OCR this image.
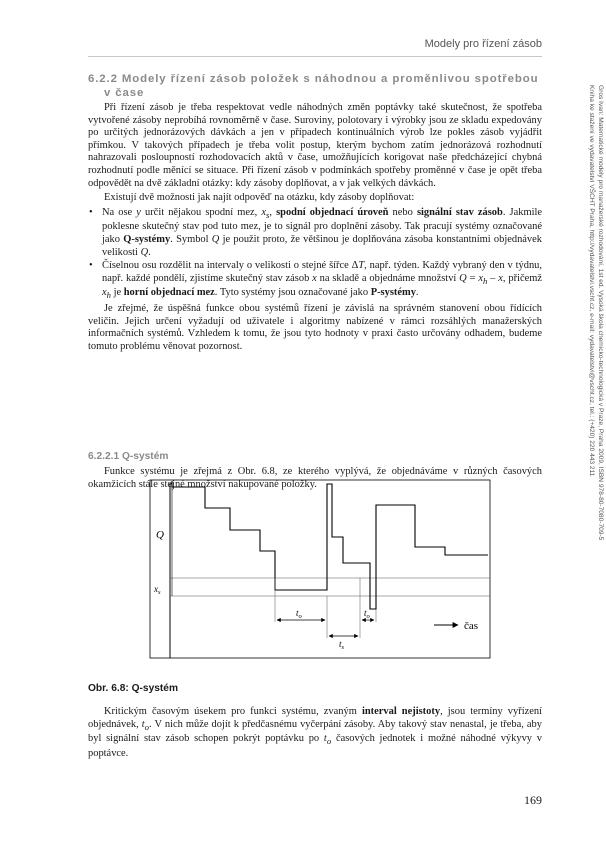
Modely pro řízení zásob
6.2.2 Modely řízení zásob položek s náhodnou a proměnlivou spotřebou
v čase

Při řízení zásob je třeba respektovat vedle náhodných změn poptávky také skutečnost, že spotřeba vytvořené zásoby neprobíhá rovnoměrně v čase. Suroviny, polotovary i výrobky jsou ze skladu expedovány po určitých jednorázových dávkách a jen v případech kontinuálních výrob lze pokles zásob vyjádřit přímkou. V takových případech je třeba volit postup, kterým bychom zatím jednorázová rozhodnutí nahrazovali posloupností rozhodovacích aktů v čase, umožňujících korigovat naše předcházející chybná rozhodnutí podle měnící se situace. Při řízení zásob v podmínkách spotřeby proměnné v čase je opět třeba odpovědět na dvě základní otázky: kdy zásoby doplňovat, a v jak velkých dávkách.

Existují dvě možnosti jak najít odpověď na otázku, kdy zásoby doplňovat:

• Na ose y určit nějakou spodní mez, $x_s$, spodní objednací úroveň nebo signální stav zásob. Jakmile poklesne skutečný stav pod tuto mez, je to signál pro doplnění zásoby. Tak pracují systémy označované jako Q-systémy. Symbol Q je použit proto, že většinou je doplňována zásoba konstantními objednávek velikosti Q.
• Číselnou osu rozdělit na intervaly o velikosti o stejné šířce ΔT, např. týden. Každý vybraný den v týdnu, např. každé pondělí, zjistíme skutečný stav zásob x na skladě a objednáme množství $Q = x_h - x$, přičemž $x_h$ je horní objednací mez. Tyto systémy jsou označované jako P-systémy.

Je zřejmé, že úspěšná funkce obou systémů řízení je závislá na správném stanovení obou řídících veličin. Jejich určení vyžadují od uživatele i algoritmy nabízené v rámci rozsáhlých manažerských informačních systémů. Vzhledem k tomu, že jsou tyto hodnoty v praxi často určovány odhadem, budeme tomuto problému věnovat pozornost.

6.2.2.1 Q-systém

Funkce systému je zřejmá z Obr. 6.8, ze kterého vyplývá, že objednáváme v různých časových okamžicích stále stejné množství nakupované položky.

Q
$x_s$
$t_o$	$t_o$
$t_s$
čas
Obr. 6.8: Q-systém

Kritickým časovým úsekem pro funkci systému, zvaným interval nejistoty, jsou termíny vyřízení objednávek, $t_o$. V nich může dojít k předčasnému vyčerpání zásoby. Aby takový stav nenastal, je třeba, aby byl signální stav zásob schopen pokrýt poptávku po $t_o$ časových jednotek i možné náhodné výkyvy v poptávce.

169
Gros Ivan: Matematické modely pro manažerské rozhodování, 1st ed. Vysoká škola chemicko-technologická v Praze, Praha 2009, ISBN 978-80-7080-709-5
Kniha ke stažení ve vydavatelství VŠCHT Praha, http://vydavatelstvi.vscht.cz, e-mail: vydavatelstvi@vscht.cz, tel.: (+420) 220 443 211
